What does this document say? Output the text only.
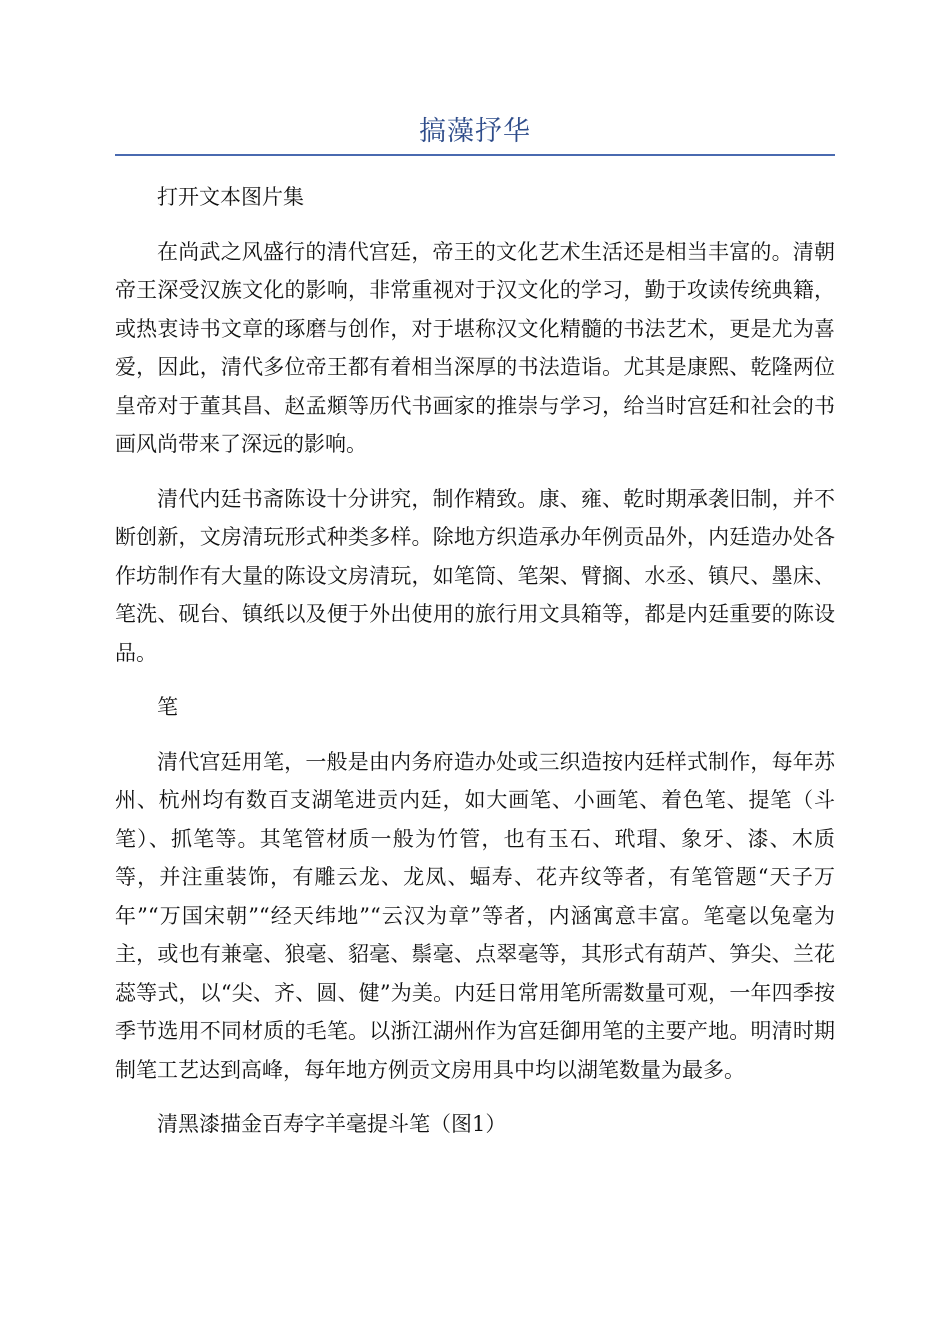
搞藻抒华

打开文本图片集

在尚武之风盛行的清代宫廷，帝王的文化艺术生活还是相当丰富的。清朝帝王深受汉族文化的影响，非常重视对于汉文化的学习，勤于攻读传统典籍，或热衷诗书文章的琢磨与创作，对于堪称汉文化精髓的书法艺术，更是尤为喜爱，因此，清代多位帝王都有着相当深厚的书法造诣。尤其是康熙、乾隆两位皇帝对于董其昌、赵孟頫等历代书画家的推崇与学习，给当时宫廷和社会的书画风尚带来了深远的影响。

清代内廷书斋陈设十分讲究，制作精致。康、雍、乾时期承袭旧制，并不断创新，文房清玩形式种类多样。除地方织造承办年例贡品外，内廷造办处各作坊制作有大量的陈设文房清玩，如笔筒、笔架、臂搁、水丞、镇尺、墨床、笔洗、砚台、镇纸以及便于外出使用的旅行用文具箱等，都是内廷重要的陈设品。

笔

清代宫廷用笔，一般是由内务府造办处或三织造按内廷样式制作，每年苏州、杭州均有数百支湖笔进贡内廷，如大画笔、小画笔、着色笔、提笔（斗笔）、抓笔等。其笔管材质一般为竹管，也有玉石、玳瑁、象牙、漆、木质等，并注重装饰，有雕云龙、龙凤、蝠寿、花卉纹等者，有笔管题“天子万年”“万国宋朝”“经天纬地”“云汉为章”等者，内涵寓意丰富。笔毫以兔毫为主，或也有兼毫、狼毫、貂毫、鬃毫、点翠毫等，其形式有葫芦、笋尖、兰花蕊等式，以“尖、齐、圆、健”为美。内廷日常用笔所需数量可观，一年四季按季节选用不同材质的毛笔。以浙江湖州作为宫廷御用笔的主要产地。明清时期制笔工艺达到高峰，每年地方例贡文房用具中均以湖笔数量为最多。

清黑漆描金百寿字羊毫提斗笔（图1）
